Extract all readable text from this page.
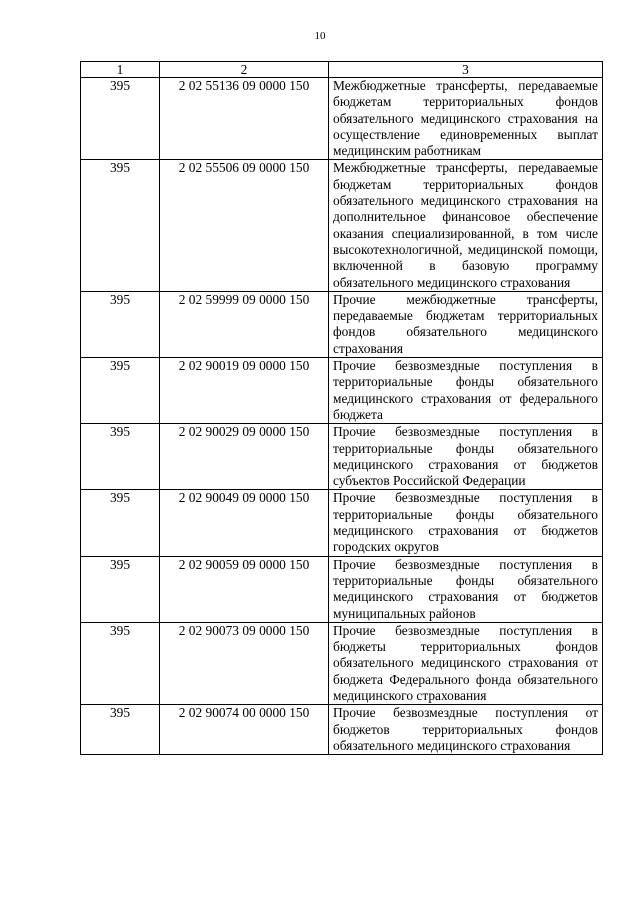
10
1	2	3
395	2 02 55136 09 0000 150	Межбюджетные трансферты, передаваемые бюджетам территориальных фондов обязательного медицинского страхования на осуществление единовременных выплат медицинским работникам
395	2 02 55506 09 0000 150	Межбюджетные трансферты, передаваемые бюджетам территориальных фондов обязательного медицинского страхования на дополнительное финансовое обеспечение оказания специализированной, в том числе высокотехнологичной, медицинской помощи, включенной в базовую программу обязательного медицинского страхования
395	2 02 59999 09 0000 150	Прочие межбюджетные трансферты, передаваемые бюджетам территориальных фондов обязательного медицинского страхования
395	2 02 90019 09 0000 150	Прочие безвозмездные поступления в территориальные фонды обязательного медицинского страхования от федерального бюджета
395	2 02 90029 09 0000 150	Прочие безвозмездные поступления в территориальные фонды обязательного медицинского страхования от бюджетов субъектов Российской Федерации
395	2 02 90049 09 0000 150	Прочие безвозмездные поступления в территориальные фонды обязательного медицинского страхования от бюджетов городских округов
395	2 02 90059 09 0000 150	Прочие безвозмездные поступления в территориальные фонды обязательного медицинского страхования от бюджетов муниципальных районов
395	2 02 90073 09 0000 150	Прочие безвозмездные поступления в бюджеты территориальных фондов обязательного медицинского страхования от бюджета Федерального фонда обязательного медицинского страхования
395	2 02 90074 00 0000 150	Прочие безвозмездные поступления от бюджетов территориальных фондов обязательного медицинского страхования
